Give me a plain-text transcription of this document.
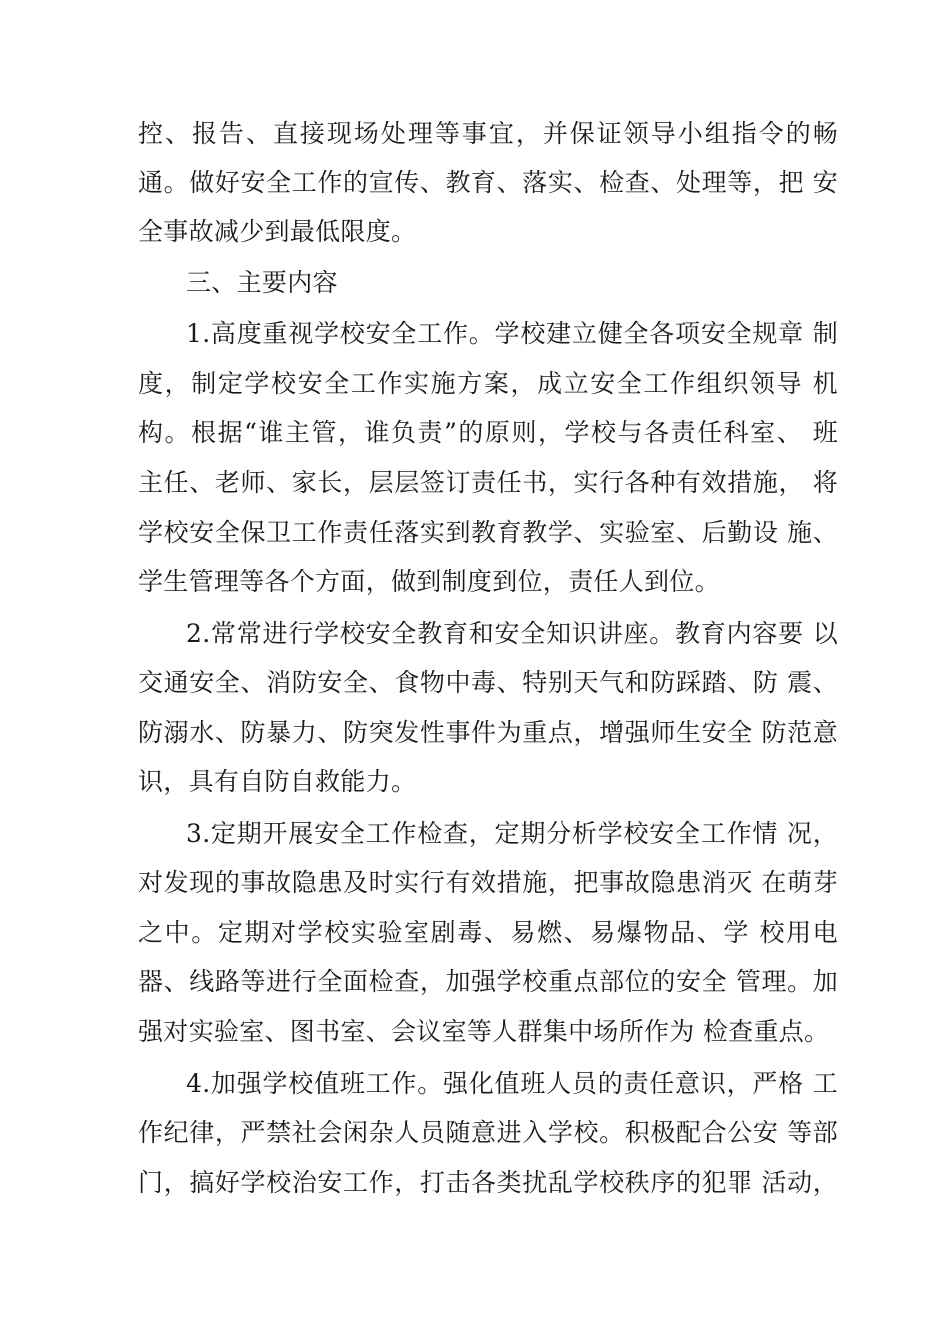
控、报告、直接现场处理等事宜，并保证领导小组指令的畅
通。做好安全工作的宣传、教育、落实、检查、处理等，把 安
全事故减少到最低限度。
三、主要内容
1.高度重视学校安全工作。学校建立健全各项安全规章 制
度，制定学校安全工作实施方案，成立安全工作组织领导 机
构。根据“谁主管，谁负责”的原则，学校与各责任科室、 班
主任、老师、家长，层层签订责任书，实行各种有效措施， 将
学校安全保卫工作责任落实到教育教学、实验室、后勤设 施、
学生管理等各个方面，做到制度到位，责任人到位。
2.常常进行学校安全教育和安全知识讲座。教育内容要 以
交通安全、消防安全、食物中毒、特别天气和防踩踏、防 震、
防溺水、防暴力、防突发性事件为重点，增强师生安全 防范意
识，具有自防自救能力。
3.定期开展安全工作检查，定期分析学校安全工作情 况，
对发现的事故隐患及时实行有效措施，把事故隐患消灭 在萌芽
之中。定期对学校实验室剧毒、易燃、易爆物品、学 校用电
器、线路等进行全面检查，加强学校重点部位的安全 管理。加
强对实验室、图书室、会议室等人群集中场所作为 检查重点。
4.加强学校值班工作。强化值班人员的责任意识，严格 工
作纪律，严禁社会闲杂人员随意进入学校。积极配合公安 等部
门，搞好学校治安工作，打击各类扰乱学校秩序的犯罪 活动，
